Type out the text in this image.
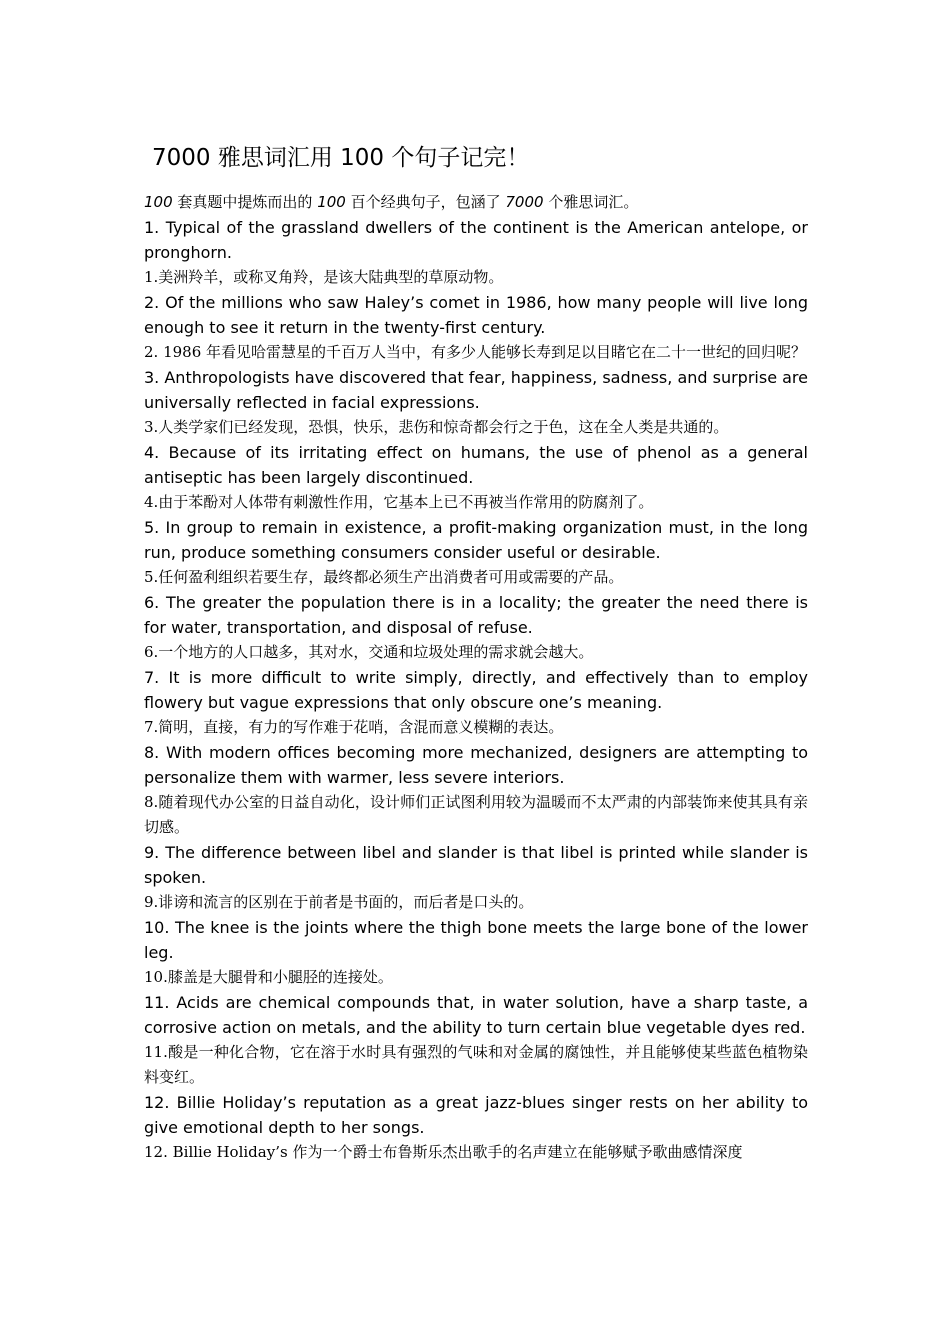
7000 雅思词汇用 100 个句子记完！

100 套真题中提炼而出的 100 百个经典句子，包涵了 7000 个雅思词汇。

1. Typical of the grassland dwellers of the continent is the American antelope, or pronghorn.

1.美洲羚羊，或称叉角羚，是该大陆典型的草原动物。

2. Of the millions who saw Haley’s comet in 1986, how many people will live long enough to see it return in the twenty-first century.

2. 1986 年看见哈雷慧星的千百万人当中，有多少人能够长寿到足以目睹它在二十一世纪的回归呢？

3. Anthropologists have discovered that fear, happiness, sadness, and surprise are universally reflected in facial expressions.

3.人类学家们已经发现，恐惧，快乐，悲伤和惊奇都会行之于色，这在全人类是共通的。

4. Because of its irritating effect on humans, the use of phenol as a general antiseptic has been largely discontinued.

4.由于苯酚对人体带有刺激性作用，它基本上已不再被当作常用的防腐剂了。

5. In group to remain in existence, a profit-making organization must, in the long run, produce something consumers consider useful or desirable.

5.任何盈利组织若要生存，最终都必须生产出消费者可用或需要的产品。

6. The greater the population there is in a locality; the greater the need there is for water, transportation, and disposal of refuse.

6.一个地方的人口越多，其对水，交通和垃圾处理的需求就会越大。

7. It is more difficult to write simply, directly, and effectively than to employ flowery but vague expressions that only obscure one’s meaning.

7.简明，直接，有力的写作难于花哨，含混而意义模糊的表达。

8. With modern offices becoming more mechanized, designers are attempting to personalize them with warmer, less severe interiors.

8.随着现代办公室的日益自动化，设计师们正试图利用较为温暖而不太严肃的内部装饰来使其具有亲切感。

9. The difference between libel and slander is that libel is printed while slander is spoken.

9.诽谤和流言的区别在于前者是书面的，而后者是口头的。

10. The knee is the joints where the thigh bone meets the large bone of the lower leg.

10.膝盖是大腿骨和小腿胫的连接处。

11. Acids are chemical compounds that, in water solution, have a sharp taste, a corrosive action on metals, and the ability to turn certain blue vegetable dyes red.

11.酸是一种化合物，它在溶于水时具有强烈的气味和对金属的腐蚀性，并且能够使某些蓝色植物染料变红。

12. Billie Holiday’s reputation as a great jazz-blues singer rests on her ability to give emotional depth to her songs.

12. Billie Holiday’s 作为一个爵士布鲁斯乐杰出歌手的名声建立在能够赋予歌曲感情深度
